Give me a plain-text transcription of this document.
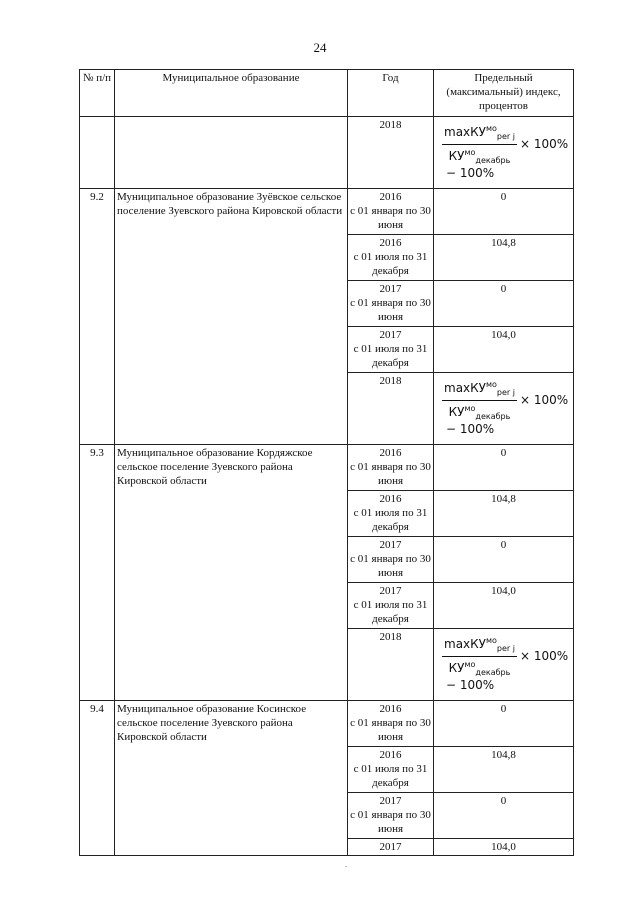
24
№ п/п	Муниципальное образование	Год	Предельный (максимальный) индекс, процентов

		2018	$\frac{\max КУ^{мо}_{per j}}{КУ^{мо}_{декабрь}} \times 100\%$
− 100%

9.2	Муниципальное образование Зуёвское сельское поселение Зуевского района Кировской области	2016
с 01 января по 30 июня	0

		2016
с 01 июля по 31 декабря	104,8

		2017
с 01 января по 30 июня	0

		2017
с 01 июля по 31 декабря	104,0

		2018	$\frac{\max КУ^{мо}_{per j}}{КУ^{мо}_{декабрь}} \times 100\%$
− 100%

9.3	Муниципальное образование Кордяжское сельское поселение Зуевского района Кировской области	2016
с 01 января по 30 июня	0

		2016
с 01 июля по 31 декабря	104,8

		2017
с 01 января по 30 июня	0

		2017
с 01 июля по 31 декабря	104,0

		2018	$\frac{\max КУ^{мо}_{per j}}{КУ^{мо}_{декабрь}} \times 100\%$
− 100%

9.4	Муниципальное образование Косинское сельское поселение Зуевского района Кировской области	2016
с 01 января по 30 июня	0

		2016
с 01 июля по 31 декабря	104,8

		2017
с 01 января по 30 июня	0

		2017	104,0
